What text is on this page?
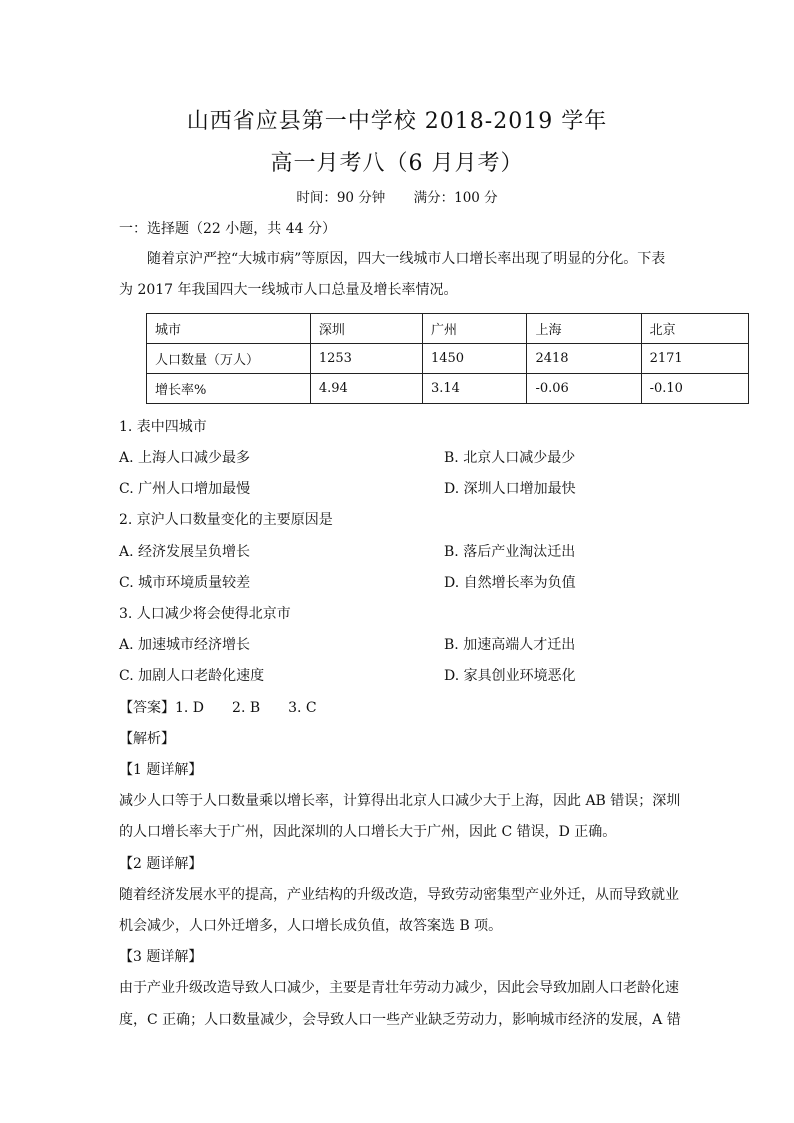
山西省应县第一中学校 2018-2019 学年
高一月考八（6 月月考）
时间：90 分钟 满分：100 分
一：选择题（22 小题，共 44 分）
随着京沪严控“大城市病”等原因，四大一线城市人口增长率出现了明显的分化。下表
为 2017 年我国四大一线城市人口总量及增长率情况。
城市	深圳	广州	上海	北京
人口数量（万人）	1253	1450	2418	2171
增长率%	4.94	3.14	-0.06	-0.10
1. 表中四城市
A. 上海人口减少最多	B. 北京人口减少最少
C. 广州人口增加最慢	D. 深圳人口增加最快
2. 京沪人口数量变化的主要原因是
A. 经济发展呈负增长	B. 落后产业淘汰迁出
C. 城市环境质量较差	D. 自然增长率为负值
3. 人口减少将会使得北京市
A. 加速城市经济增长	B. 加速高端人才迁出
C. 加剧人口老龄化速度	D. 家具创业环境恶化
【答案】1. D　　2. B　　3. C
【解析】
【1 题详解】
减少人口等于人口数量乘以增长率，计算得出北京人口减少大于上海，因此 AB 错误；深圳
的人口增长率大于广州，因此深圳的人口增长大于广州，因此 C 错误，D 正确。
【2 题详解】
随着经济发展水平的提高，产业结构的升级改造，导致劳动密集型产业外迁，从而导致就业
机会减少，人口外迁增多，人口增长成负值，故答案选 B 项。
【3 题详解】
由于产业升级改造导致人口减少，主要是青壮年劳动力减少，因此会导致加剧人口老龄化速
度，C 正确；人口数量减少，会导致人口一些产业缺乏劳动力，影响城市经济的发展，A 错
